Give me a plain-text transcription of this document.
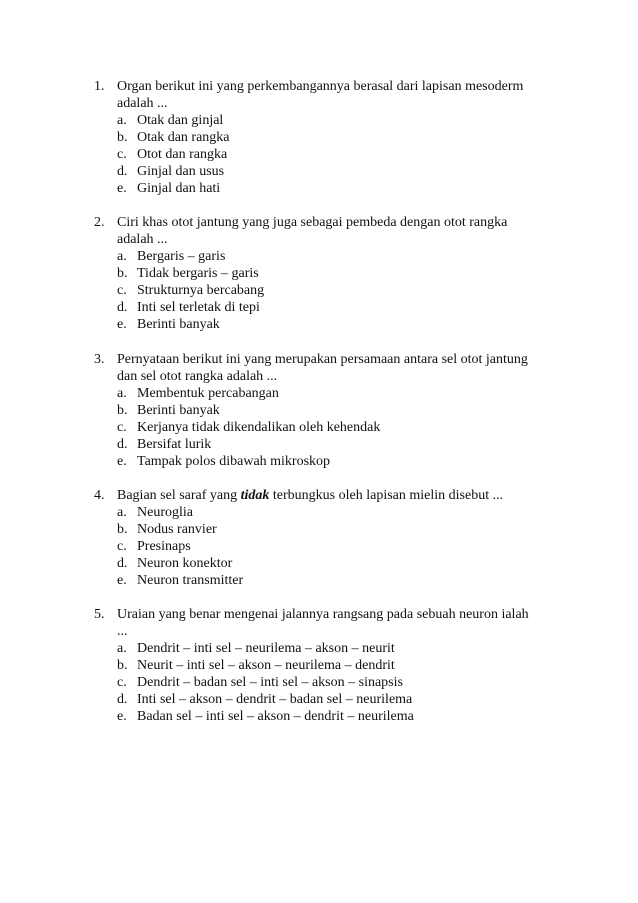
1. Organ berikut ini yang perkembangannya berasal dari lapisan mesoderm
adalah ...
a. Otak dan ginjal
b. Otak dan rangka
c. Otot dan rangka
d. Ginjal dan usus
e. Ginjal dan hati
2. Ciri khas otot jantung yang juga sebagai pembeda dengan otot rangka
adalah ...
a. Bergaris – garis
b. Tidak bergaris – garis
c. Strukturnya bercabang
d. Inti sel terletak di tepi
e. Berinti banyak
3. Pernyataan berikut ini yang merupakan persamaan antara sel otot jantung
dan sel otot rangka adalah ...
a. Membentuk percabangan
b. Berinti banyak
c. Kerjanya tidak dikendalikan oleh kehendak
d. Bersifat lurik
e. Tampak polos dibawah mikroskop
4. Bagian sel saraf yang tidak terbungkus oleh lapisan mielin disebut ...
a. Neuroglia
b. Nodus ranvier
c. Presinaps
d. Neuron konektor
e. Neuron transmitter
5. Uraian yang benar mengenai jalannya rangsang pada sebuah neuron ialah
...
a. Dendrit – inti sel – neurilema – akson – neurit
b. Neurit – inti sel – akson – neurilema – dendrit
c. Dendrit – badan sel – inti sel – akson – sinapsis
d. Inti sel – akson – dendrit – badan sel – neurilema
e. Badan sel – inti sel – akson – dendrit – neurilema
